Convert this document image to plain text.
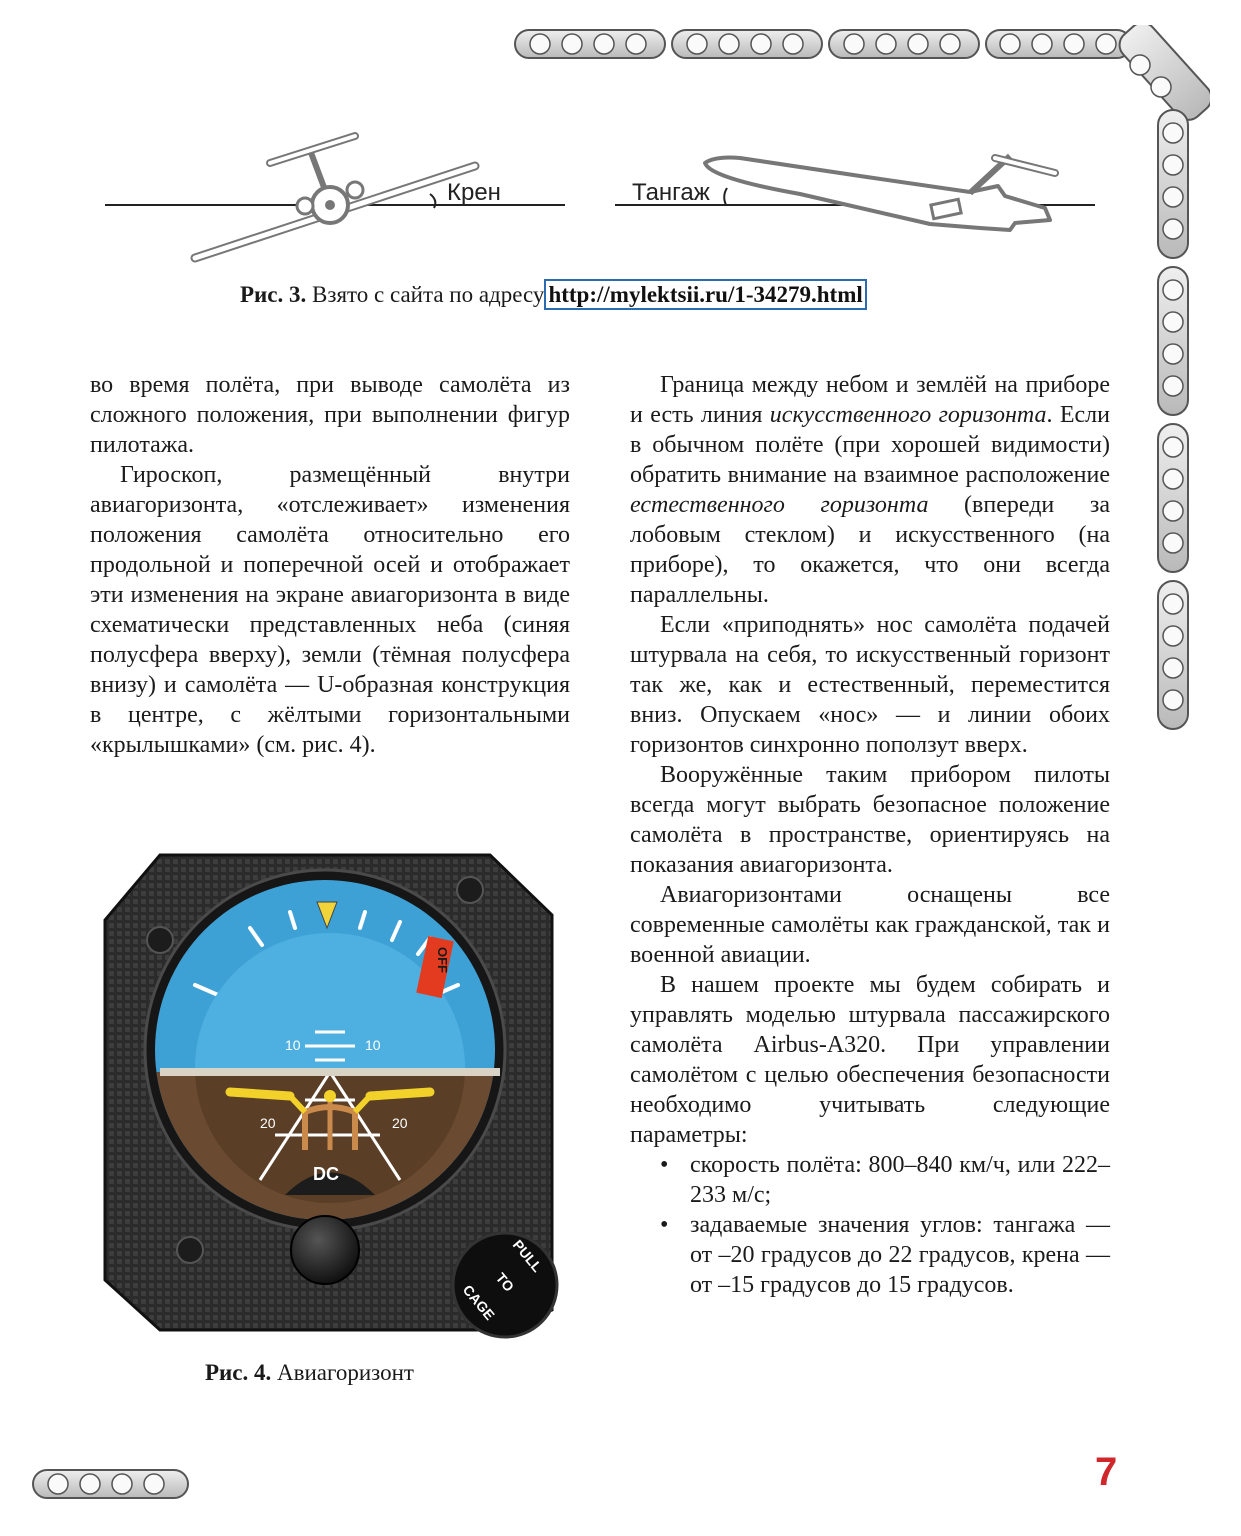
Крен	Тангаж
Рис. 3. Взято с сайта по адресу http://mylektsii.ru/1-34279.html

во время полёта, при выводе самолёта из сложного положения, при выполнении фигур пилотажа.

Гироскоп, размещённый внутри авиагоризонта, «отслеживает» изменения положения самолёта относительно его продольной и поперечной осей и отображает эти изменения на экране авиагоризонта в виде схематически представленных неба (синяя полусфера вверху), земли (тёмная полусфера внизу) и самолёта — U-образная конструкция в центре, с жёлтыми горизонтальными «крылышками» (см. рис. 4).

Граница между небом и землёй на приборе и есть линия искусственного горизонта. Если в обычном полёте (при хорошей видимости) обратить внимание на взаимное расположение естественного горизонта (впереди за лобовым стеклом) и искусственного (на приборе), то окажется, что они всегда параллельны.

Если «приподнять» нос самолёта подачей штурвала на себя, то искусственный горизонт так же, как и естественный, переместится вниз. Опускаем «нос» — и линии обоих горизонтов синхронно поползут вверх.

Вооружённые таким прибором пилоты всегда могут выбрать безопасное положение самолёта в пространстве, ориентируясь на показания авиагоризонта.

Авиагоризонтами оснащены все современные самолёты как гражданской, так и военной авиации.

В нашем проекте мы будем собирать и управлять моделью штурвала пассажирского самолёта Airbus-A320. При управлении самолётом с целью обеспечения безопасности необходимо учитывать следующие параметры:

• скорость полёта: 800–840 км/ч, или 222–233 м/с;
• задаваемые значения углов: тангажа — от –20 градусов до 22 градусов, крена — от –15 градусов до 15 градусов.
OFF
10	10
20	20
DC
PULL
TO
CAGE
Рис. 4. Авиагоризонт
7
